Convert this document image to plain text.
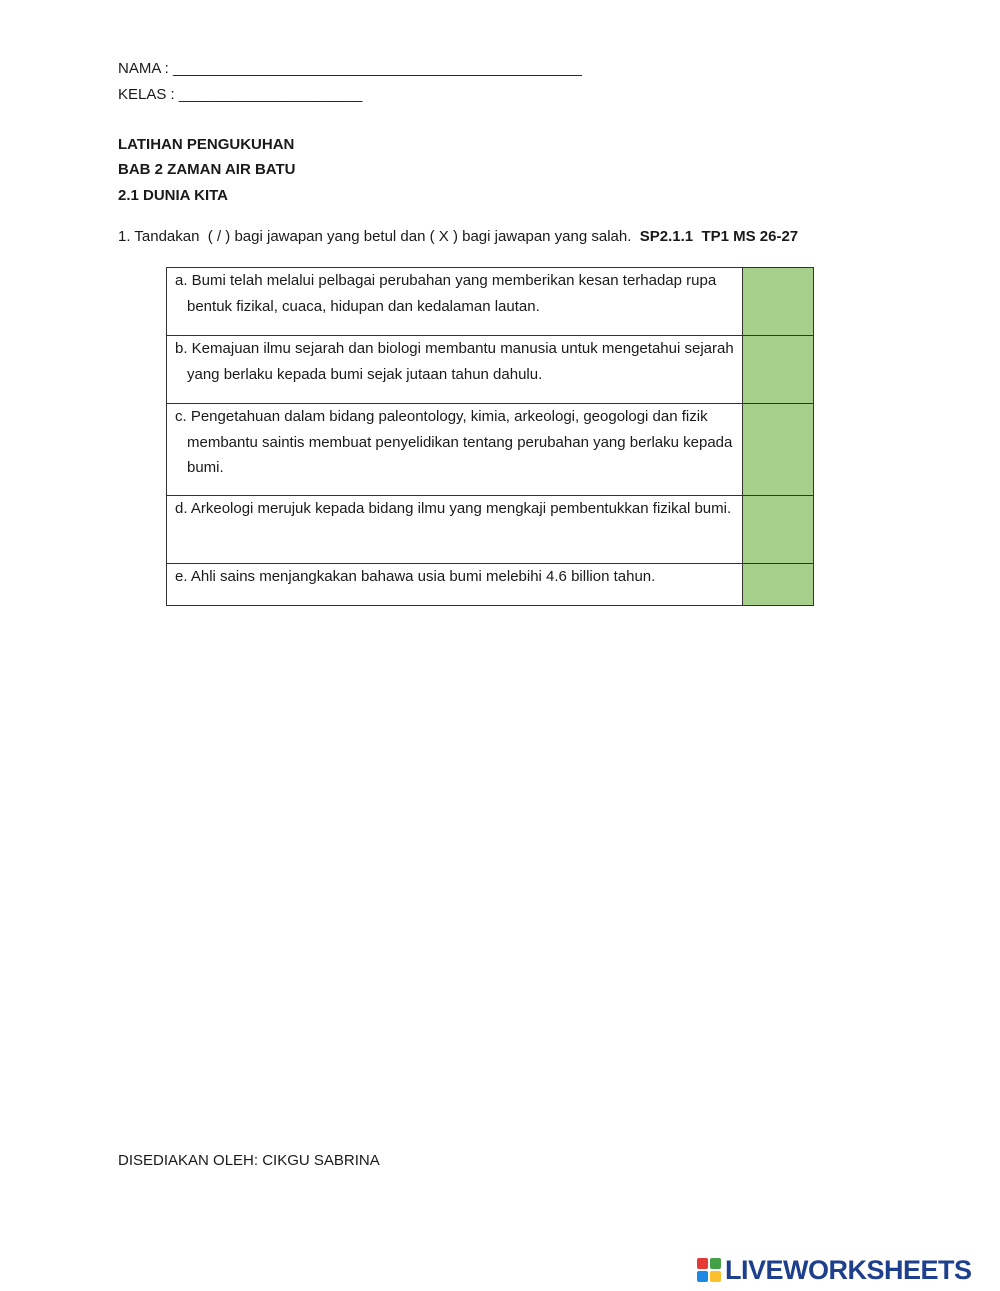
NAMA : _________________________________________________
KELAS : ______________________
LATIHAN PENGUKUHAN
BAB 2 ZAMAN AIR BATU
2.1 DUNIA KITA
1. Tandakan  ( / ) bagi jawapan yang betul dan ( X ) bagi jawapan yang salah.  SP2.1.1  TP1 MS 26-27
a. Bumi telah melalui pelbagai perubahan yang memberikan kesan terhadap rupa bentuk fizikal, cuaca, hidupan dan kedalaman lautan.

b. Kemajuan ilmu sejarah dan biologi membantu manusia untuk mengetahui sejarah yang berlaku kepada bumi sejak jutaan tahun dahulu.

c. Pengetahuan dalam bidang paleontology, kimia, arkeologi, geogologi dan fizik membantu saintis membuat penyelidikan tentang perubahan yang berlaku kepada bumi.

d. Arkeologi merujuk kepada bidang ilmu yang mengkaji pembentukkan fizikal bumi.

e. Ahli sains menjangkakan bahawa usia bumi melebihi 4.6 billion tahun.

DISEDIAKAN OLEH: CIKGU SABRINA
LIVEWORKSHEETS
